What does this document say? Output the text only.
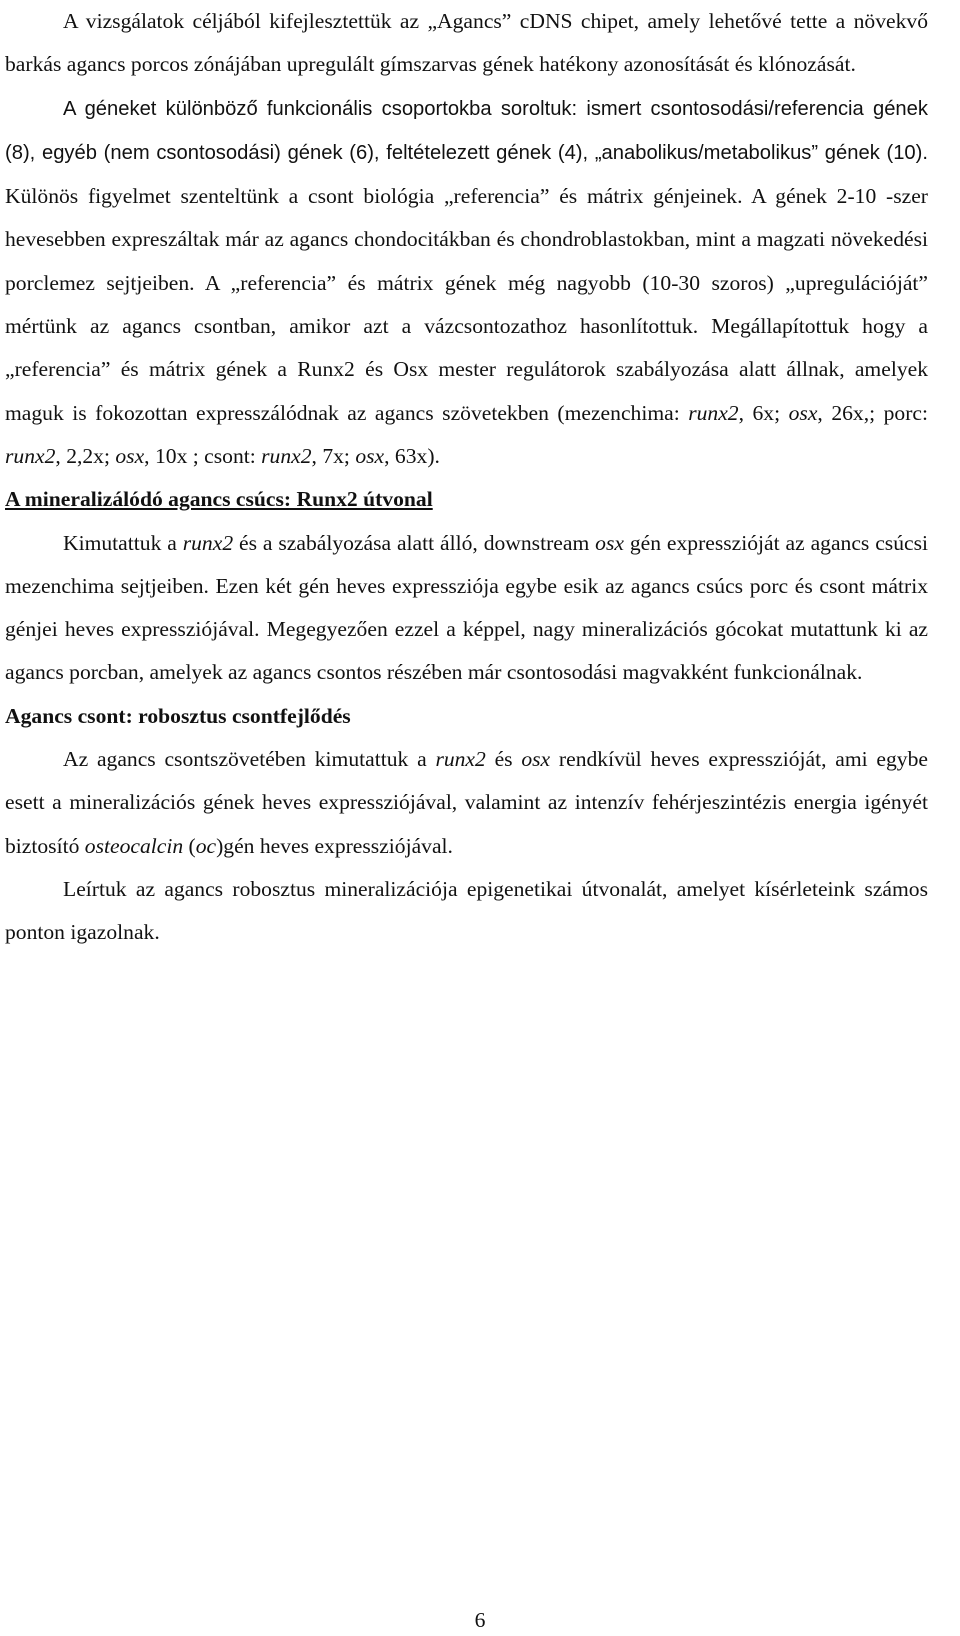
A vizsgálatok céljából kifejlesztettük az „Agancs” cDNS chipet, amely lehetővé tette a növekvő barkás agancs porcos zónájában upregulált gímszarvas gének hatékony azonosítását és klónozását.

A géneket különböző funkcionális csoportokba soroltuk: ismert csontosodási/referencia gének (8), egyéb (nem csontosodási) gének (6), feltételezett gének (4), „anabolikus/metabolikus” gének (10). Különös figyelmet szenteltünk a csont biológia „referencia” és mátrix génjeinek. A gének 2-10 -szer hevesebben expreszáltak már az agancs chondocitákban és chondroblastokban, mint a magzati növekedési porclemez sejtjeiben. A „referencia” és mátrix gének még nagyobb (10-30 szoros) „upregulációját” mértünk az agancs csontban, amikor azt a vázcsontozathoz hasonlítottuk. Megállapítottuk hogy a „referencia” és mátrix gének a Runx2 és Osx mester regulátorok szabályozása alatt állnak, amelyek maguk is fokozottan expresszálódnak az agancs szövetekben (mezenchima: runx2, 6x; osx, 26x,; porc: runx2, 2,2x; osx, 10x ; csont: runx2, 7x; osx, 63x).

A mineralizálódó agancs csúcs: Runx2 útvonal

Kimutattuk a runx2 és a szabályozása alatt álló, downstream osx gén expresszióját az agancs csúcsi mezenchima sejtjeiben. Ezen két gén heves expressziója egybe esik az agancs csúcs porc és csont mátrix génjei heves expressziójával. Megegyezően ezzel a képpel, nagy mineralizációs gócokat mutattunk ki az agancs porcban, amelyek az agancs csontos részében már csontosodási magvakként funkcionálnak.

Agancs csont: robosztus csontfejlődés

Az agancs csontszövetében kimutattuk a runx2 és osx rendkívül heves expresszióját, ami egybe esett a mineralizációs gének heves expressziójával, valamint az intenzív fehérjeszintézis energia igényét biztosító osteocalcin (oc)gén heves expressziójával.

Leírtuk az agancs robosztus mineralizációja epigenetikai útvonalát, amelyet kísérleteink számos ponton igazolnak.

6
